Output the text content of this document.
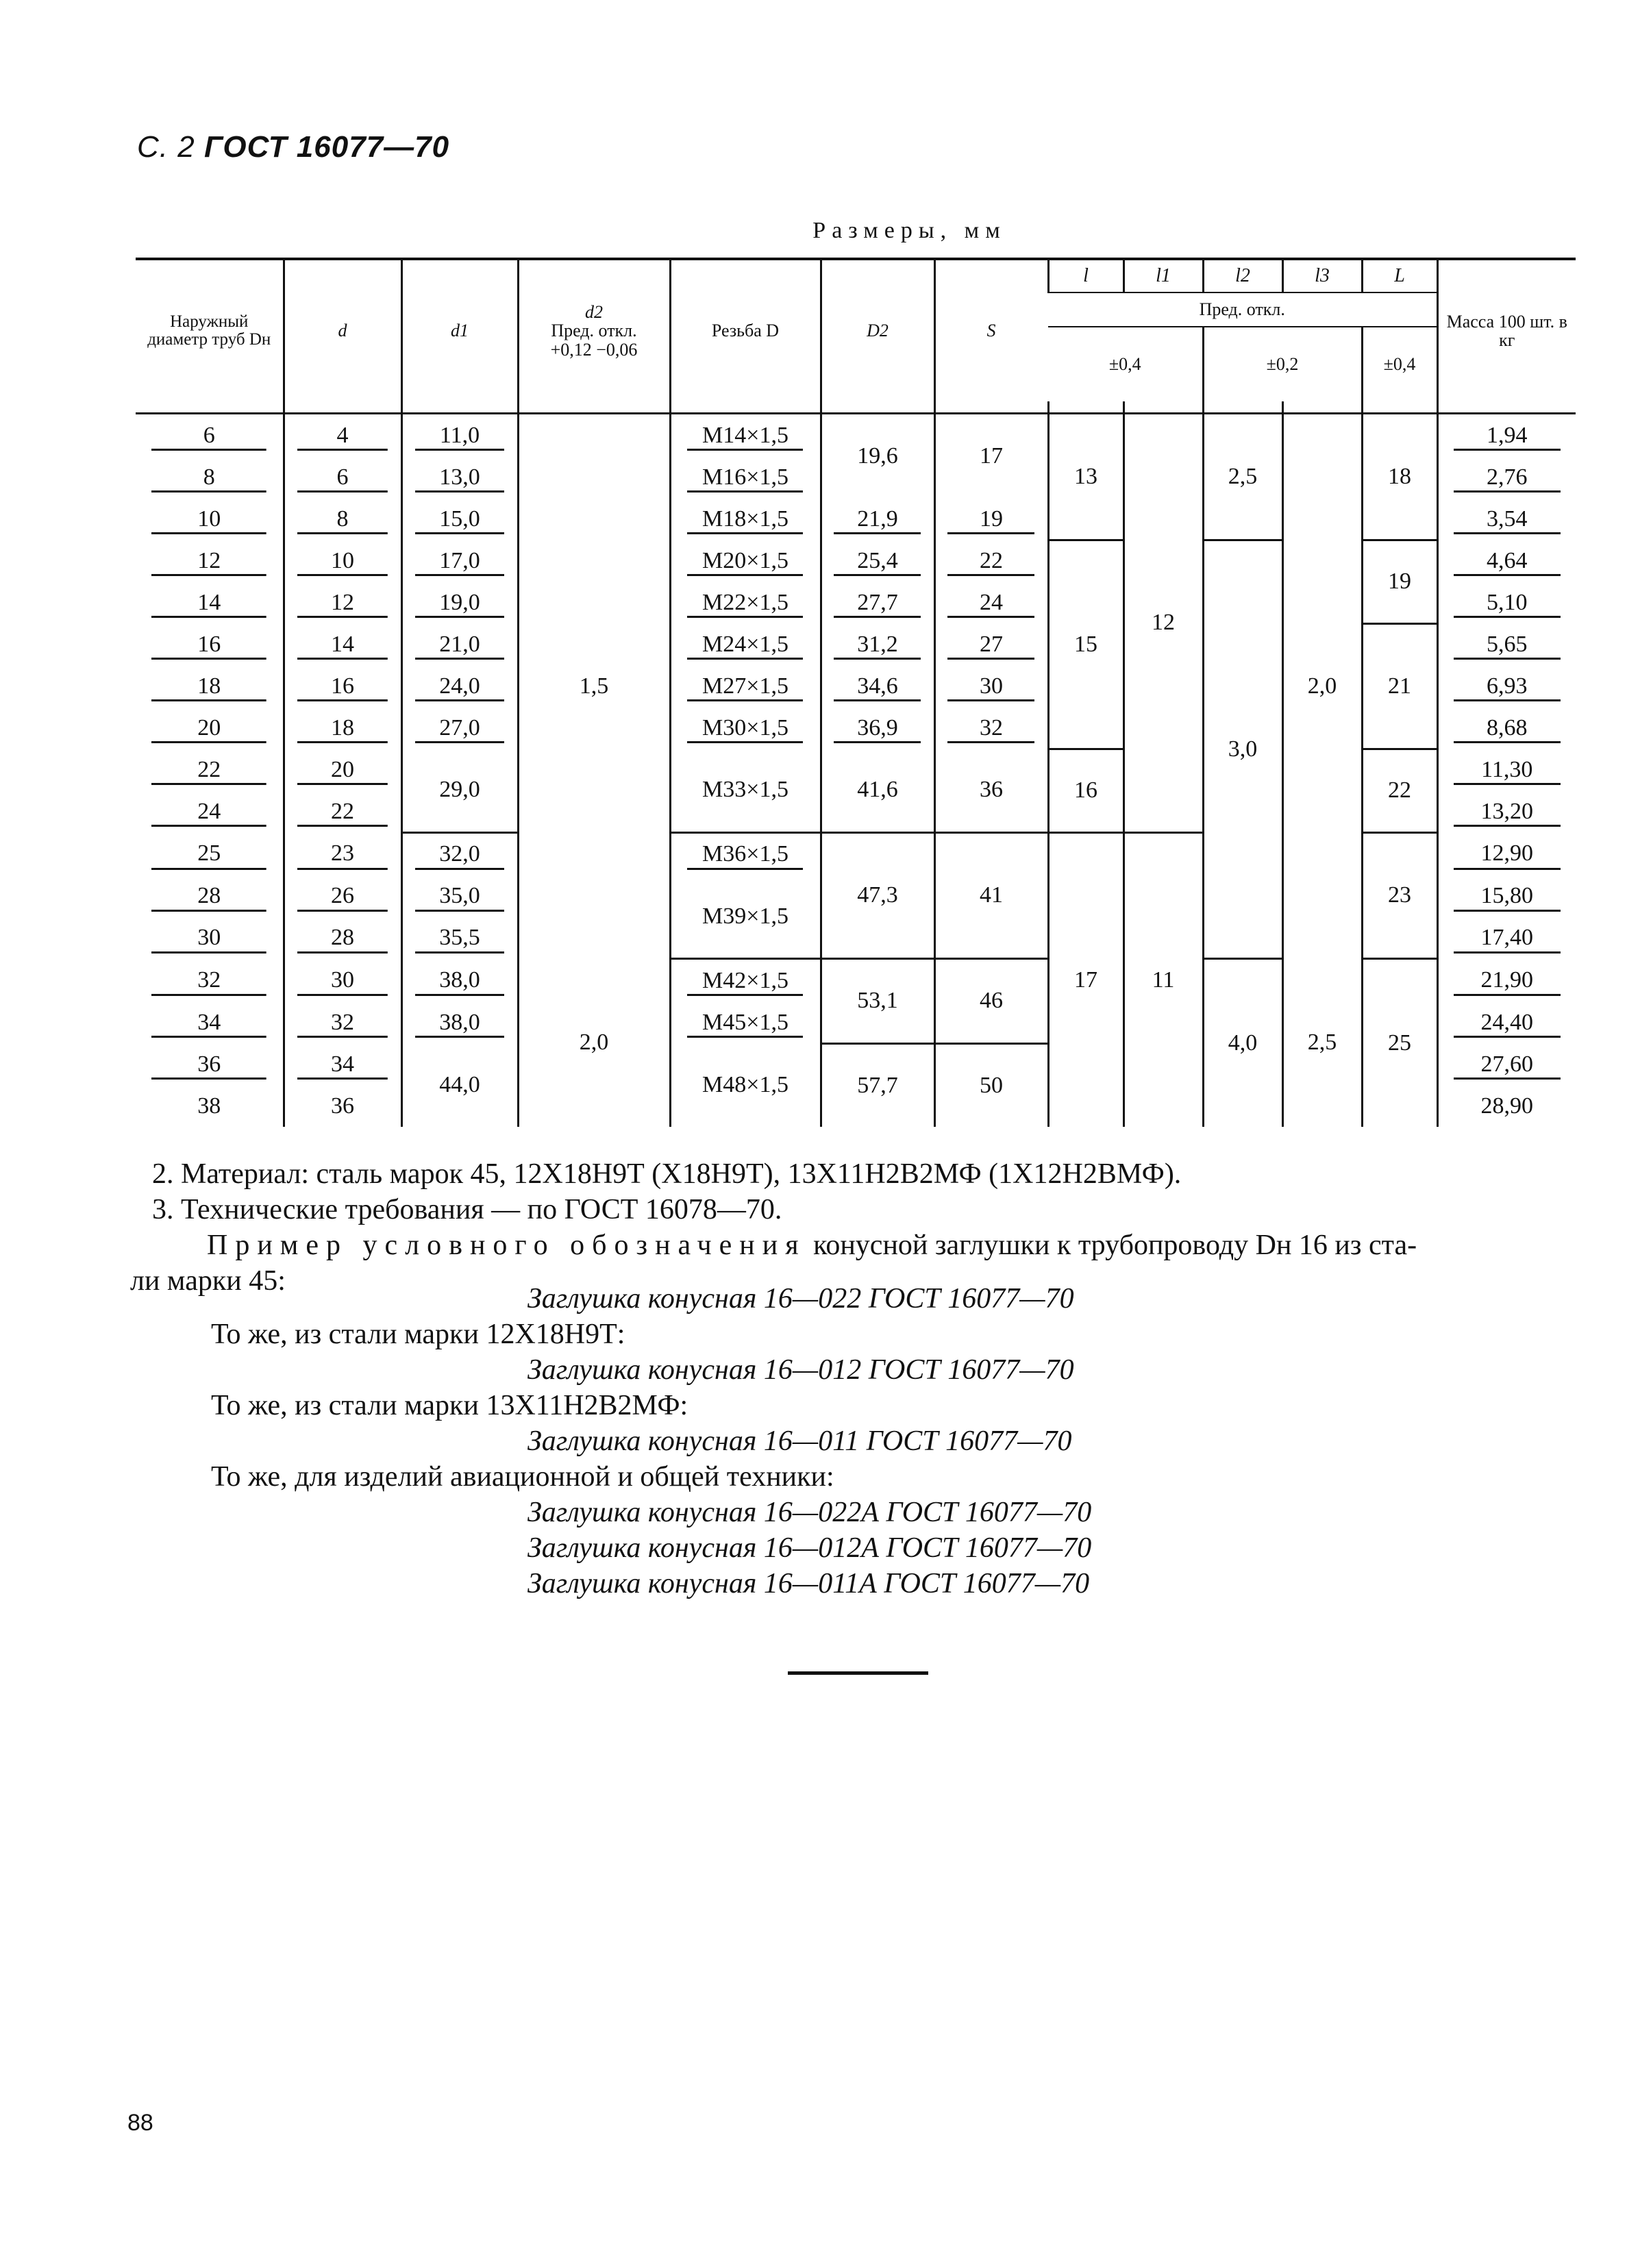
С. 2 ГОСТ 16077—70
Размеры, мм
Наружный диаметр труб Dн	d	d1	d2
Пред. откл.
+0,12 −0,06	Резьба D	D2	S	l	l1	l2	l3	L	Масса 100 шт. в кг
							Пред. откл.					
							±0,4		±0,2		±0,4	

6	4	11,0	1,5	М14×1,5	19,6	17	13	12	2,5	2,0	18	1,94
8	6	13,0		М16×1,5								2,76
10	8	15,0		М18×1,5	21,9	19						3,54
12	10	17,0		М20×1,5	25,4	22	15		3,0		19	4,64
14	12	19,0		М22×1,5	27,7	24						5,10
16	14	21,0		М24×1,5	31,2	27					21	5,65
18	16	24,0		М27×1,5	34,6	30						6,93
20	18	27,0		М30×1,5	36,9	32						8,68
22	20	29,0		М33×1,5	41,6	36	16				22	11,30
24	22											13,20
25	23	32,0		М36×1,5	47,3	41	17	11			23	12,90
28	26	35,0		М39×1,5								15,80
30	28	35,5										17,40
32	30	38,0	2,0	М42×1,5	53,1	46			4,0	2,5	25	21,90
34	32	38,0		М45×1,5								24,40
36	34	44,0		М48×1,5	57,7	50						27,60
38	36											28,90

2. Материал: сталь марок 45, 12Х18Н9Т (Х18Н9Т), 13Х11Н2В2МФ (1Х12Н2ВМФ).

3. Технические требования — по ГОСТ 16078—70.

Пример условного обозначения конусной заглушки к трубопроводу Dн 16 из ста-

ли марки 45:

Заглушка конусная 16—022 ГОСТ 16077—70

То же, из стали марки 12Х18Н9Т:

Заглушка конусная 16—012 ГОСТ 16077—70

То же, из стали марки 13Х11Н2В2МФ:

Заглушка конусная 16—011 ГОСТ 16077—70

То же, для изделий авиационной и общей техники:

Заглушка конусная 16—022А ГОСТ 16077—70

Заглушка конусная 16—012А ГОСТ 16077—70

Заглушка конусная 16—011А ГОСТ 16077—70

88
